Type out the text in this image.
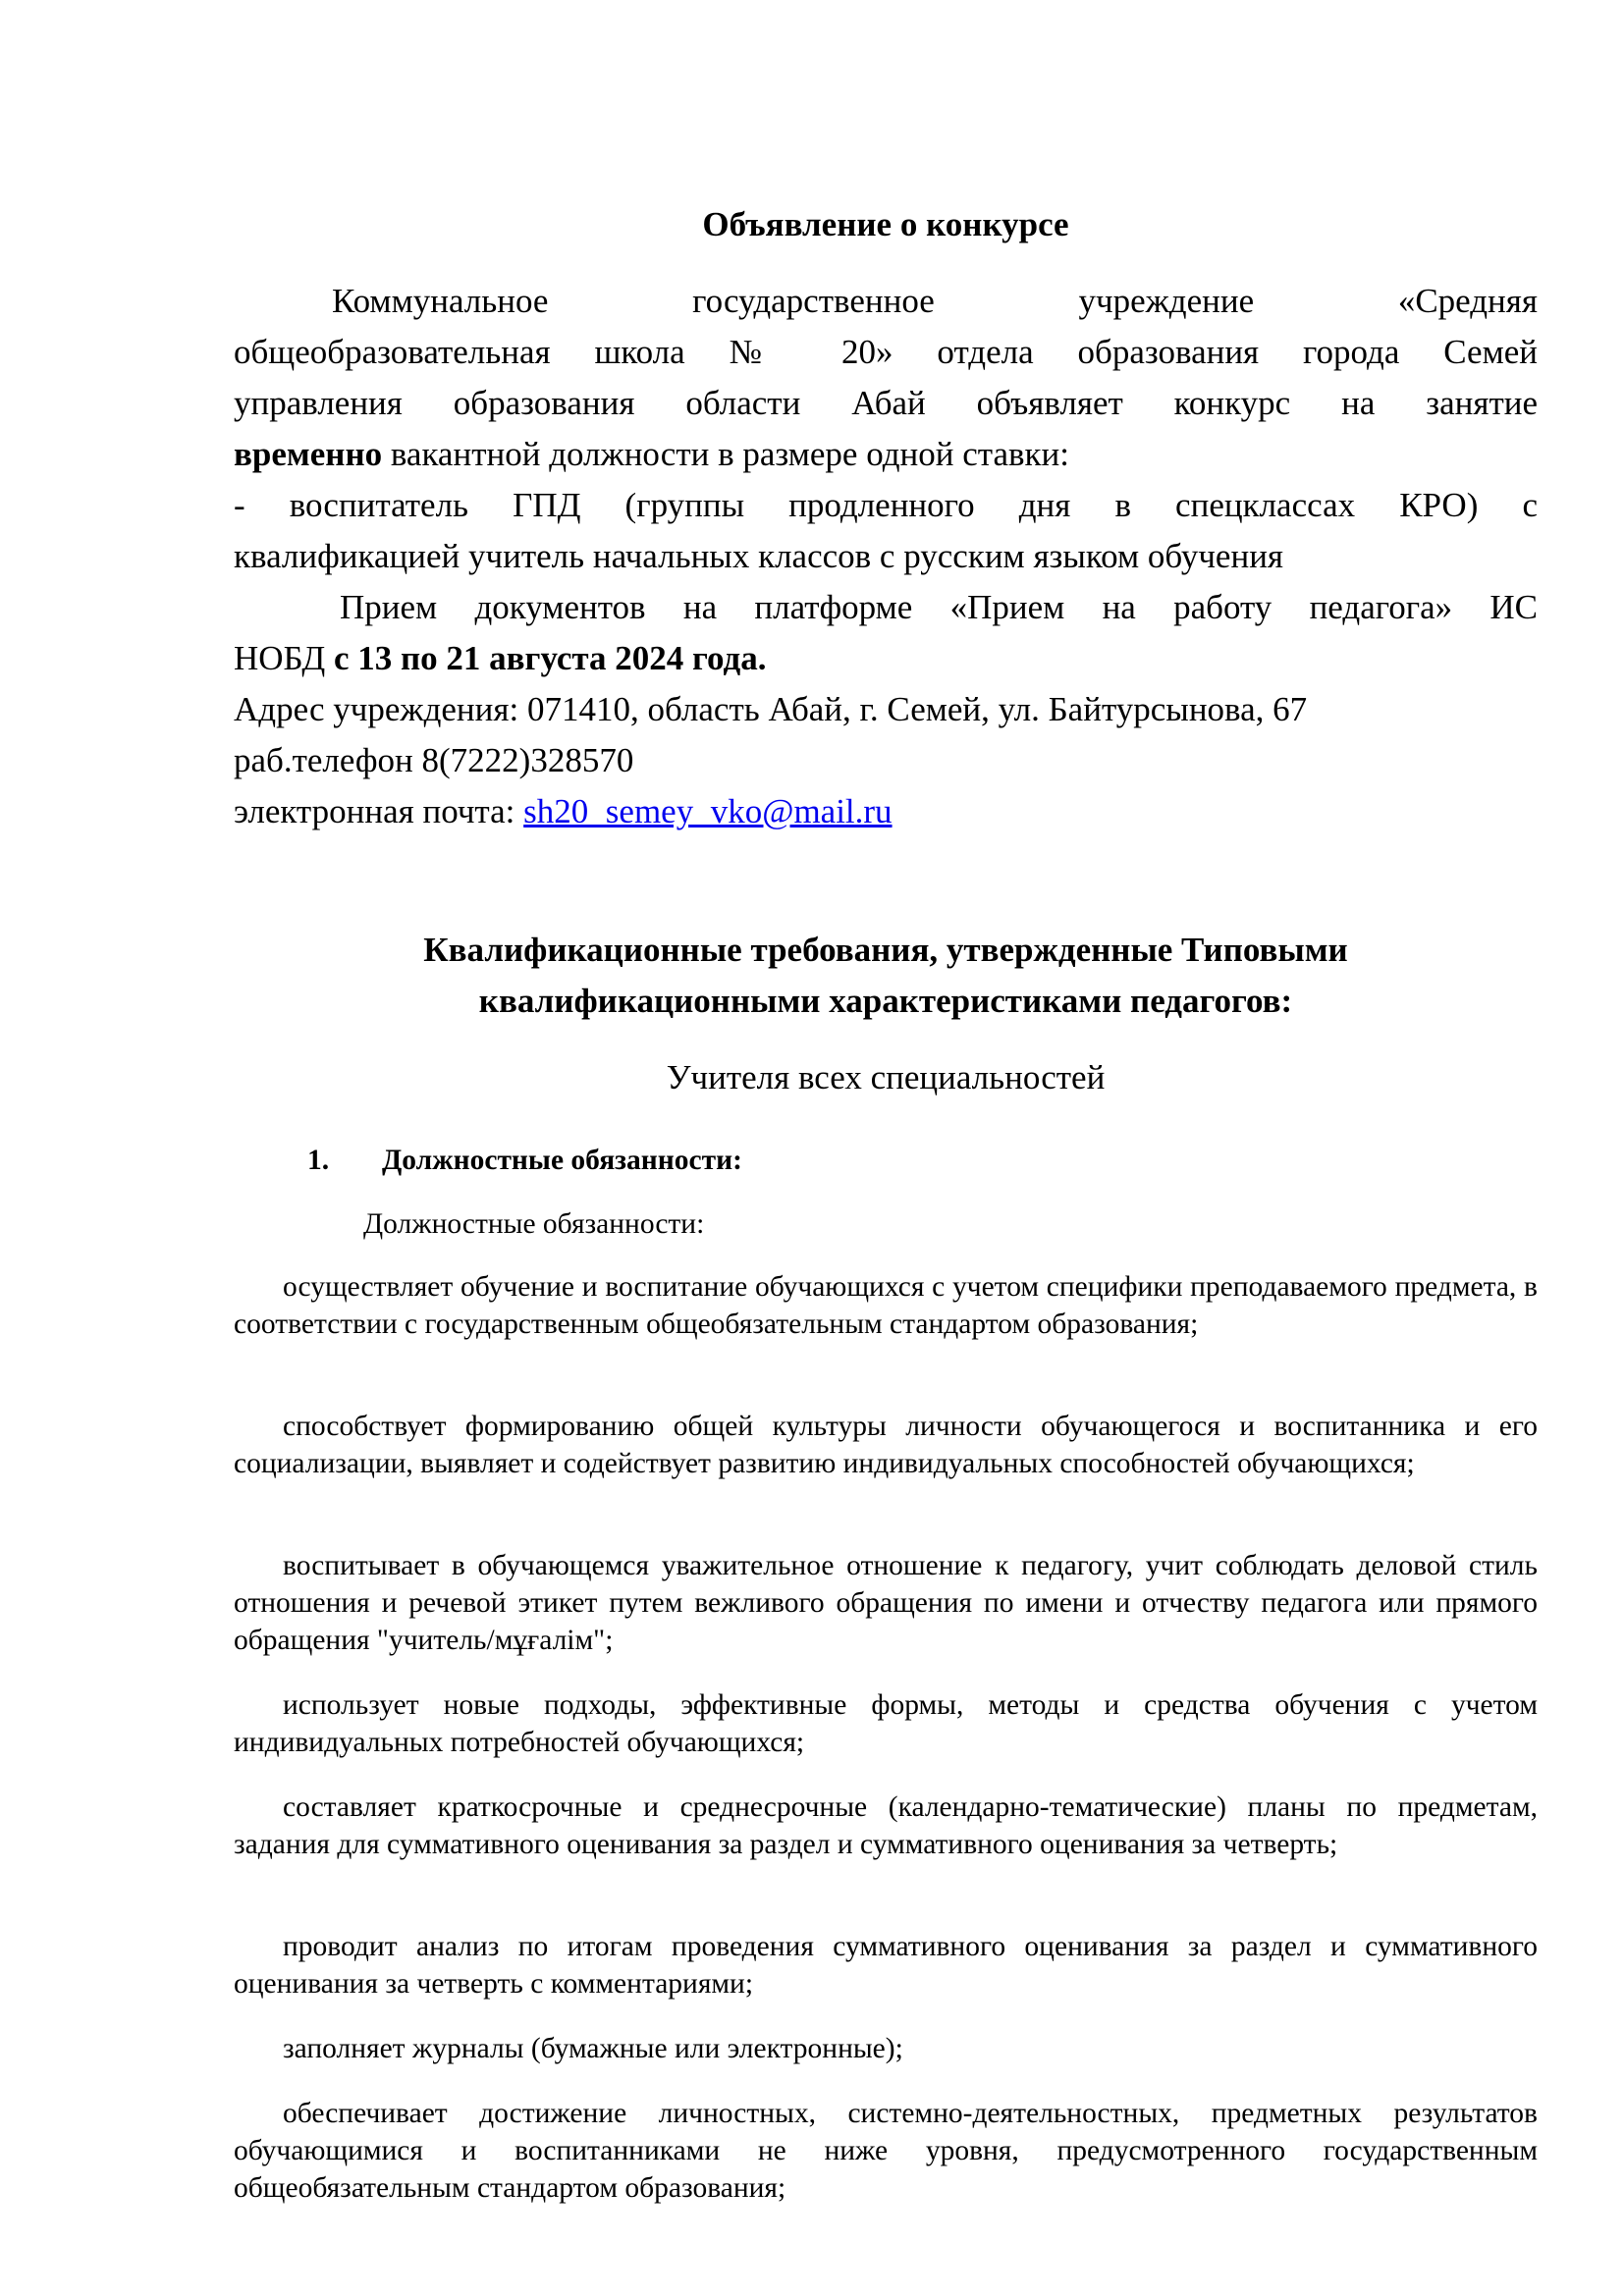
Объявление о конкурсе

Коммунальное государственное учреждение «Средняя
общеобразовательная школа № 20» отдела образования города Семей
управления образования области Абай объявляет конкурс на занятие
временно вакантной должности в размере одной ставки:
- воспитатель ГПД (группы продленного дня в спецклассах КРО) с
квалификацией учитель начальных классов с русским языком обучения
Прием документов на платформе «Прием на работу педагога» ИС
НОБД с 13 по 21 августа 2024 года.
Адрес учреждения: 071410, область Абай, г. Семей, ул. Байтурсынова, 67
раб.телефон 8(7222)328570
электронная почта: sh20_semey_vko@mail.ru
Квалификационные требования, утвержденные Типовыми
квалификационными характеристиками педагогов:
Учителя всех специальностей
1.	Должностные обязанности:
Должностные обязанности:

осуществляет обучение и воспитание обучающихся с учетом специфики преподаваемого предмета, в соответствии с государственным общеобязательным стандартом образования;

способствует формированию общей культуры личности обучающегося и воспитанника и его социализации, выявляет и содействует развитию индивидуальных способностей обучающихся;

воспитывает в обучающемся уважительное отношение к педагогу, учит соблюдать деловой стиль отношения и речевой этикет путем вежливого обращения по имени и отчеству педагога или прямого обращения "учитель/мұғалім";

использует новые подходы, эффективные формы, методы и средства обучения с учетом индивидуальных потребностей обучающихся;

составляет краткосрочные и среднесрочные (календарно-тематические) планы по предметам, задания для суммативного оценивания за раздел и суммативного оценивания за четверть;

проводит анализ по итогам проведения суммативного оценивания за раздел и суммативного оценивания за четверть с комментариями;

заполняет журналы (бумажные или электронные);

обеспечивает достижение личностных, системно-деятельностных, предметных результатов обучающимися и воспитанниками не ниже уровня, предусмотренного государственным общеобязательным стандартом образования;
